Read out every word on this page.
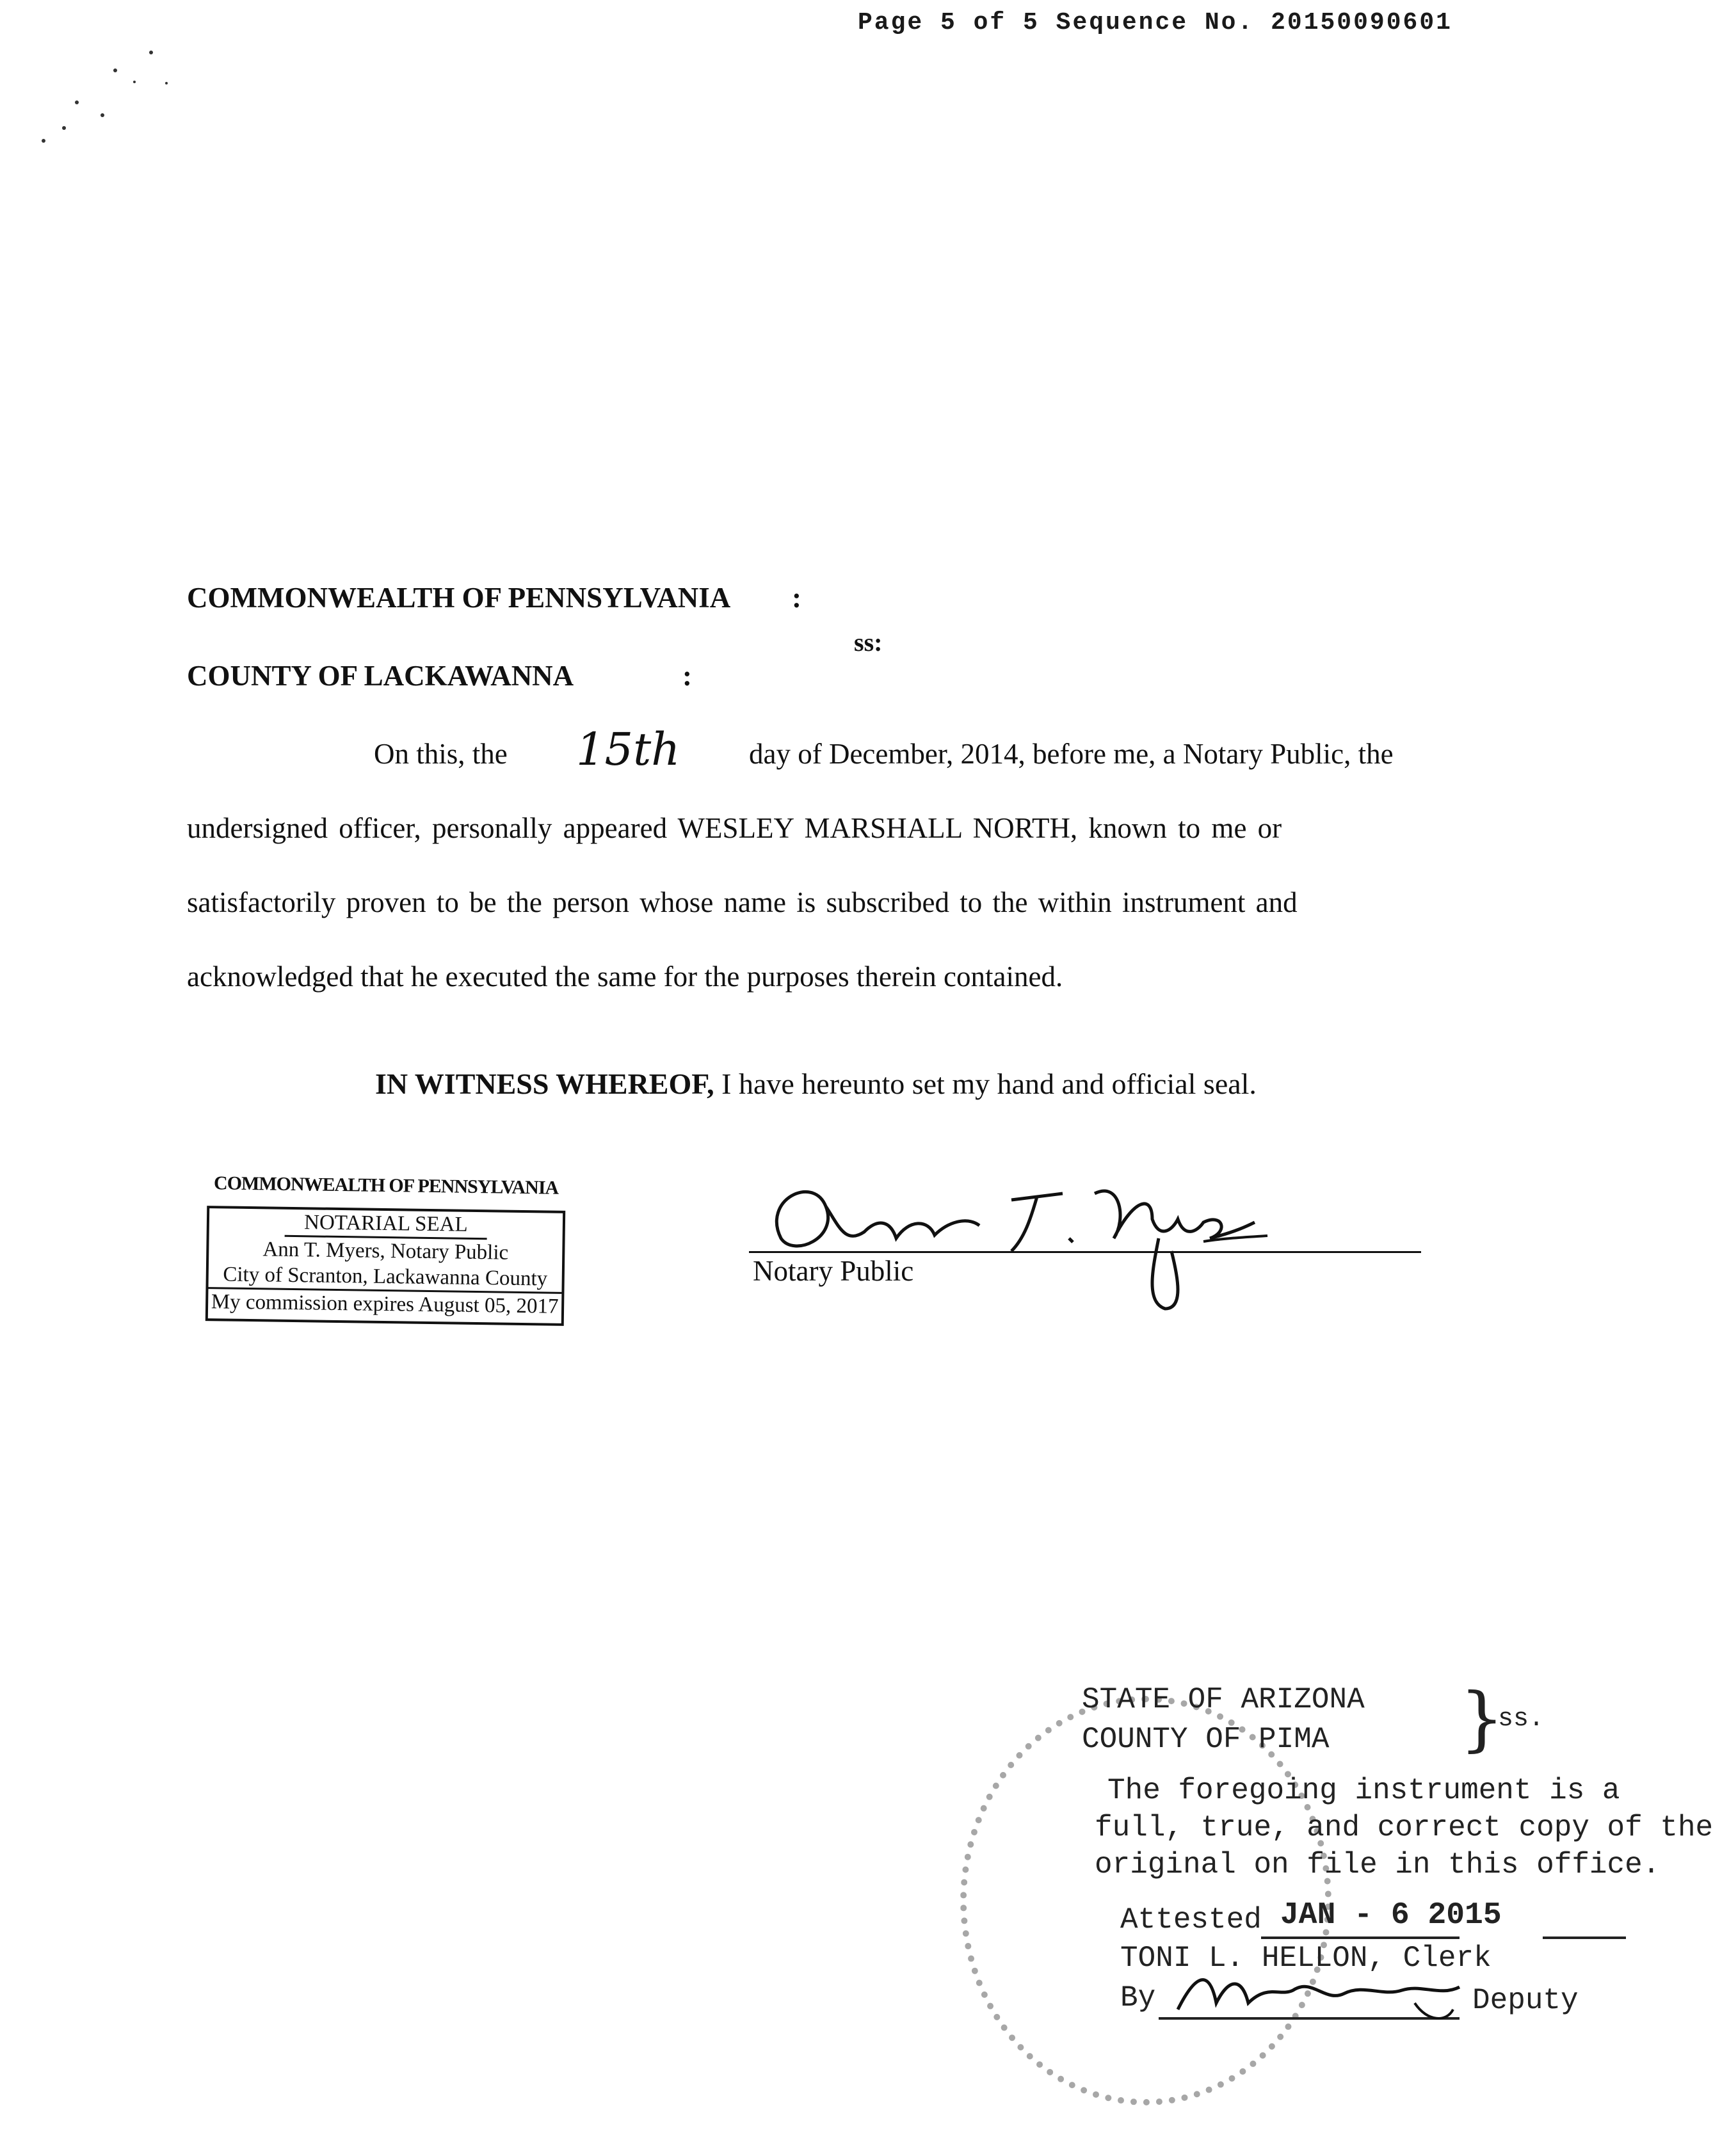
Page 5 of 5 Sequence No. 20150090601
COMMONWEALTH OF PENNSYLVANIA :
ss:
COUNTY OF LACKAWANNA	:
On this, the	day of December, 2014, before me, a Notary Public, the
undersigned officer, personally appeared WESLEY MARSHALL NORTH, known to me or
satisfactorily proven to be the person whose name is subscribed to the within instrument and
acknowledged that he executed the same for the purposes therein contained.
15th
IN WITNESS WHEREOF, I have hereunto set my hand and official seal.
COMMONWEALTH OF PENNSYLVANIA
NOTARIAL SEAL
Ann T. Myers, Notary Public
City of Scranton, Lackawanna County
My commission expires August 05, 2017
Notary Public
STATE OF ARIZONA
COUNTY OF PIMA }
ss.
The foregoing instrument is a
full, true, and correct copy of the
original on file in this office.
Attested JAN - 6 2015
TONI L. HELLON, Clerk
By	Deputy
